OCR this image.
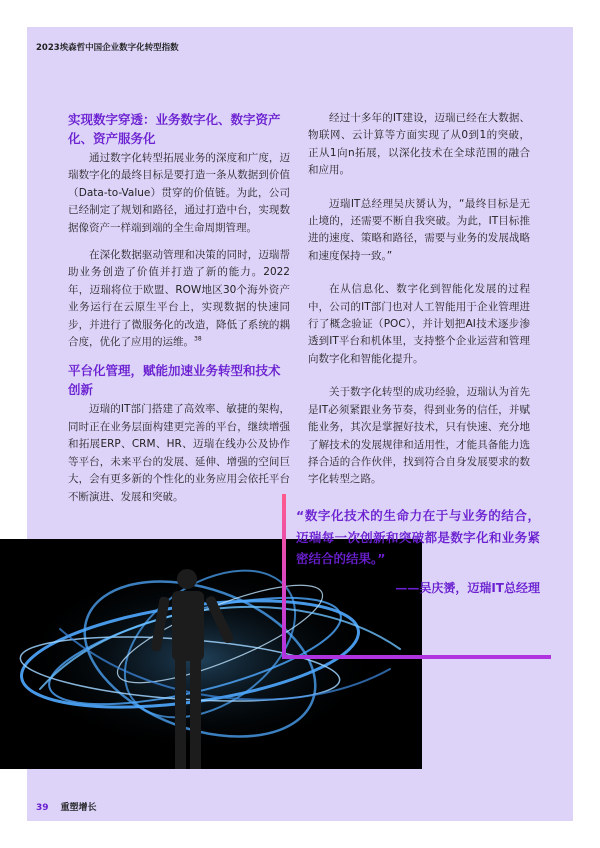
2023埃森哲中国企业数字化转型指数
实现数字穿透：业务数字化、数字资产化、资产服务化

通过数字化转型拓展业务的深度和广度，迈瑞数字化的最终目标是要打造一条从数据到价值（Data-to-Value）贯穿的价值链。为此，公司已经制定了规划和路径，通过打造中台，实现数据像资产一样端到端的全生命周期管理。

在深化数据驱动管理和决策的同时，迈瑞帮助业务创造了价值并打造了新的能力。2022年，迈瑞将位于欧盟、ROW地区30个海外资产业务运行在云原生平台上，实现数据的快速同步，并进行了微服务化的改造，降低了系统的耦合度，优化了应用的运维。$^{38}$

平台化管理，赋能加速业务转型和技术创新

迈瑞的IT部门搭建了高效率、敏捷的架构，同时正在业务层面构建更完善的平台，继续增强和拓展ERP、CRM、HR、迈瑞在线办公及协作等平台，未来平台的发展、延伸、增强的空间巨大，会有更多新的个性化的业务应用会依托平台不断演进、发展和突破。

经过十多年的IT建设，迈瑞已经在大数据、物联网、云计算等方面实现了从0到1的突破，正从1向n拓展，以深化技术在全球范围的融合和应用。

迈瑞IT总经理吴庆赟认为，“最终目标是无止境的，还需要不断自我突破。为此，IT目标推进的速度、策略和路径，需要与业务的发展战略和速度保持一致。”

在从信息化、数字化到智能化发展的过程中，公司的IT部门也对人工智能用于企业管理进行了概念验证（POC），并计划把AI技术逐步渗透到IT平台和机体里，支持整个企业运营和管理向数字化和智能化提升。

关于数字化转型的成功经验，迈瑞认为首先是IT必须紧跟业务节奏，得到业务的信任，并赋能业务，其次是掌握好技术，只有快速、充分地了解技术的发展规律和适用性，才能具备能力选择合适的合作伙伴，找到符合自身发展要求的数字化转型之路。

“数字化技术的生命力在于与业务的结合，迈瑞每一次创新和突破都是数字化和业务紧密结合的结果。”
——吴庆赟，迈瑞IT总经理
39 重塑增长
